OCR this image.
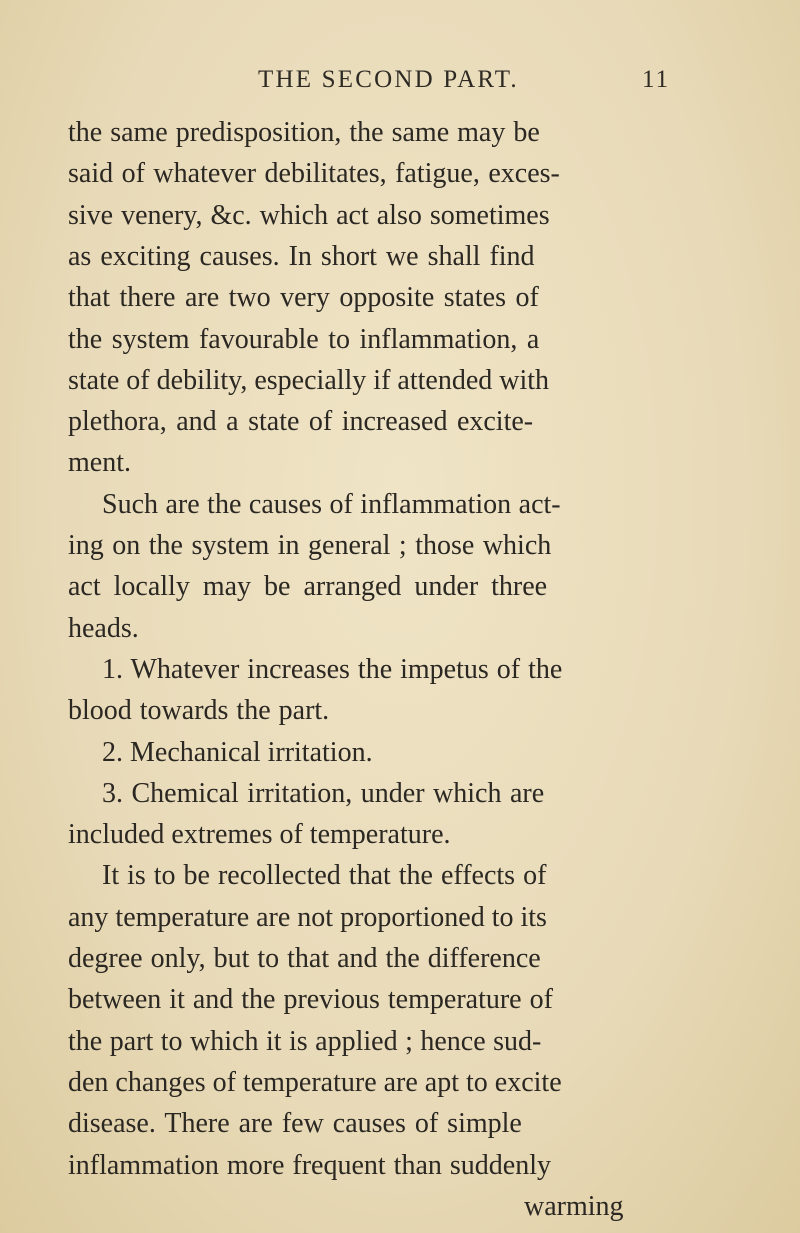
THE SECOND PART.	11
the same predisposition, the same may be
said of whatever debilitates, fatigue, exces-
sive venery, &c. which act also sometimes
as exciting causes. In short we shall find
that there are two very opposite states of
the system favourable to inflammation, a
state of debility, especially if attended with
plethora, and a state of increased excite-
ment.
Such are the causes of inflammation act-
ing on the system in general ; those which
act locally may be arranged under three
heads.
1. Whatever increases the impetus of the
blood towards the part.
2. Mechanical irritation.
3. Chemical irritation, under which are
included extremes of temperature.
It is to be recollected that the effects of
any temperature are not proportioned to its
degree only, but to that and the difference
between it and the previous temperature of
the part to which it is applied ; hence sud-
den changes of temperature are apt to excite
disease. There are few causes of simple
inflammation more frequent than suddenly
warming
